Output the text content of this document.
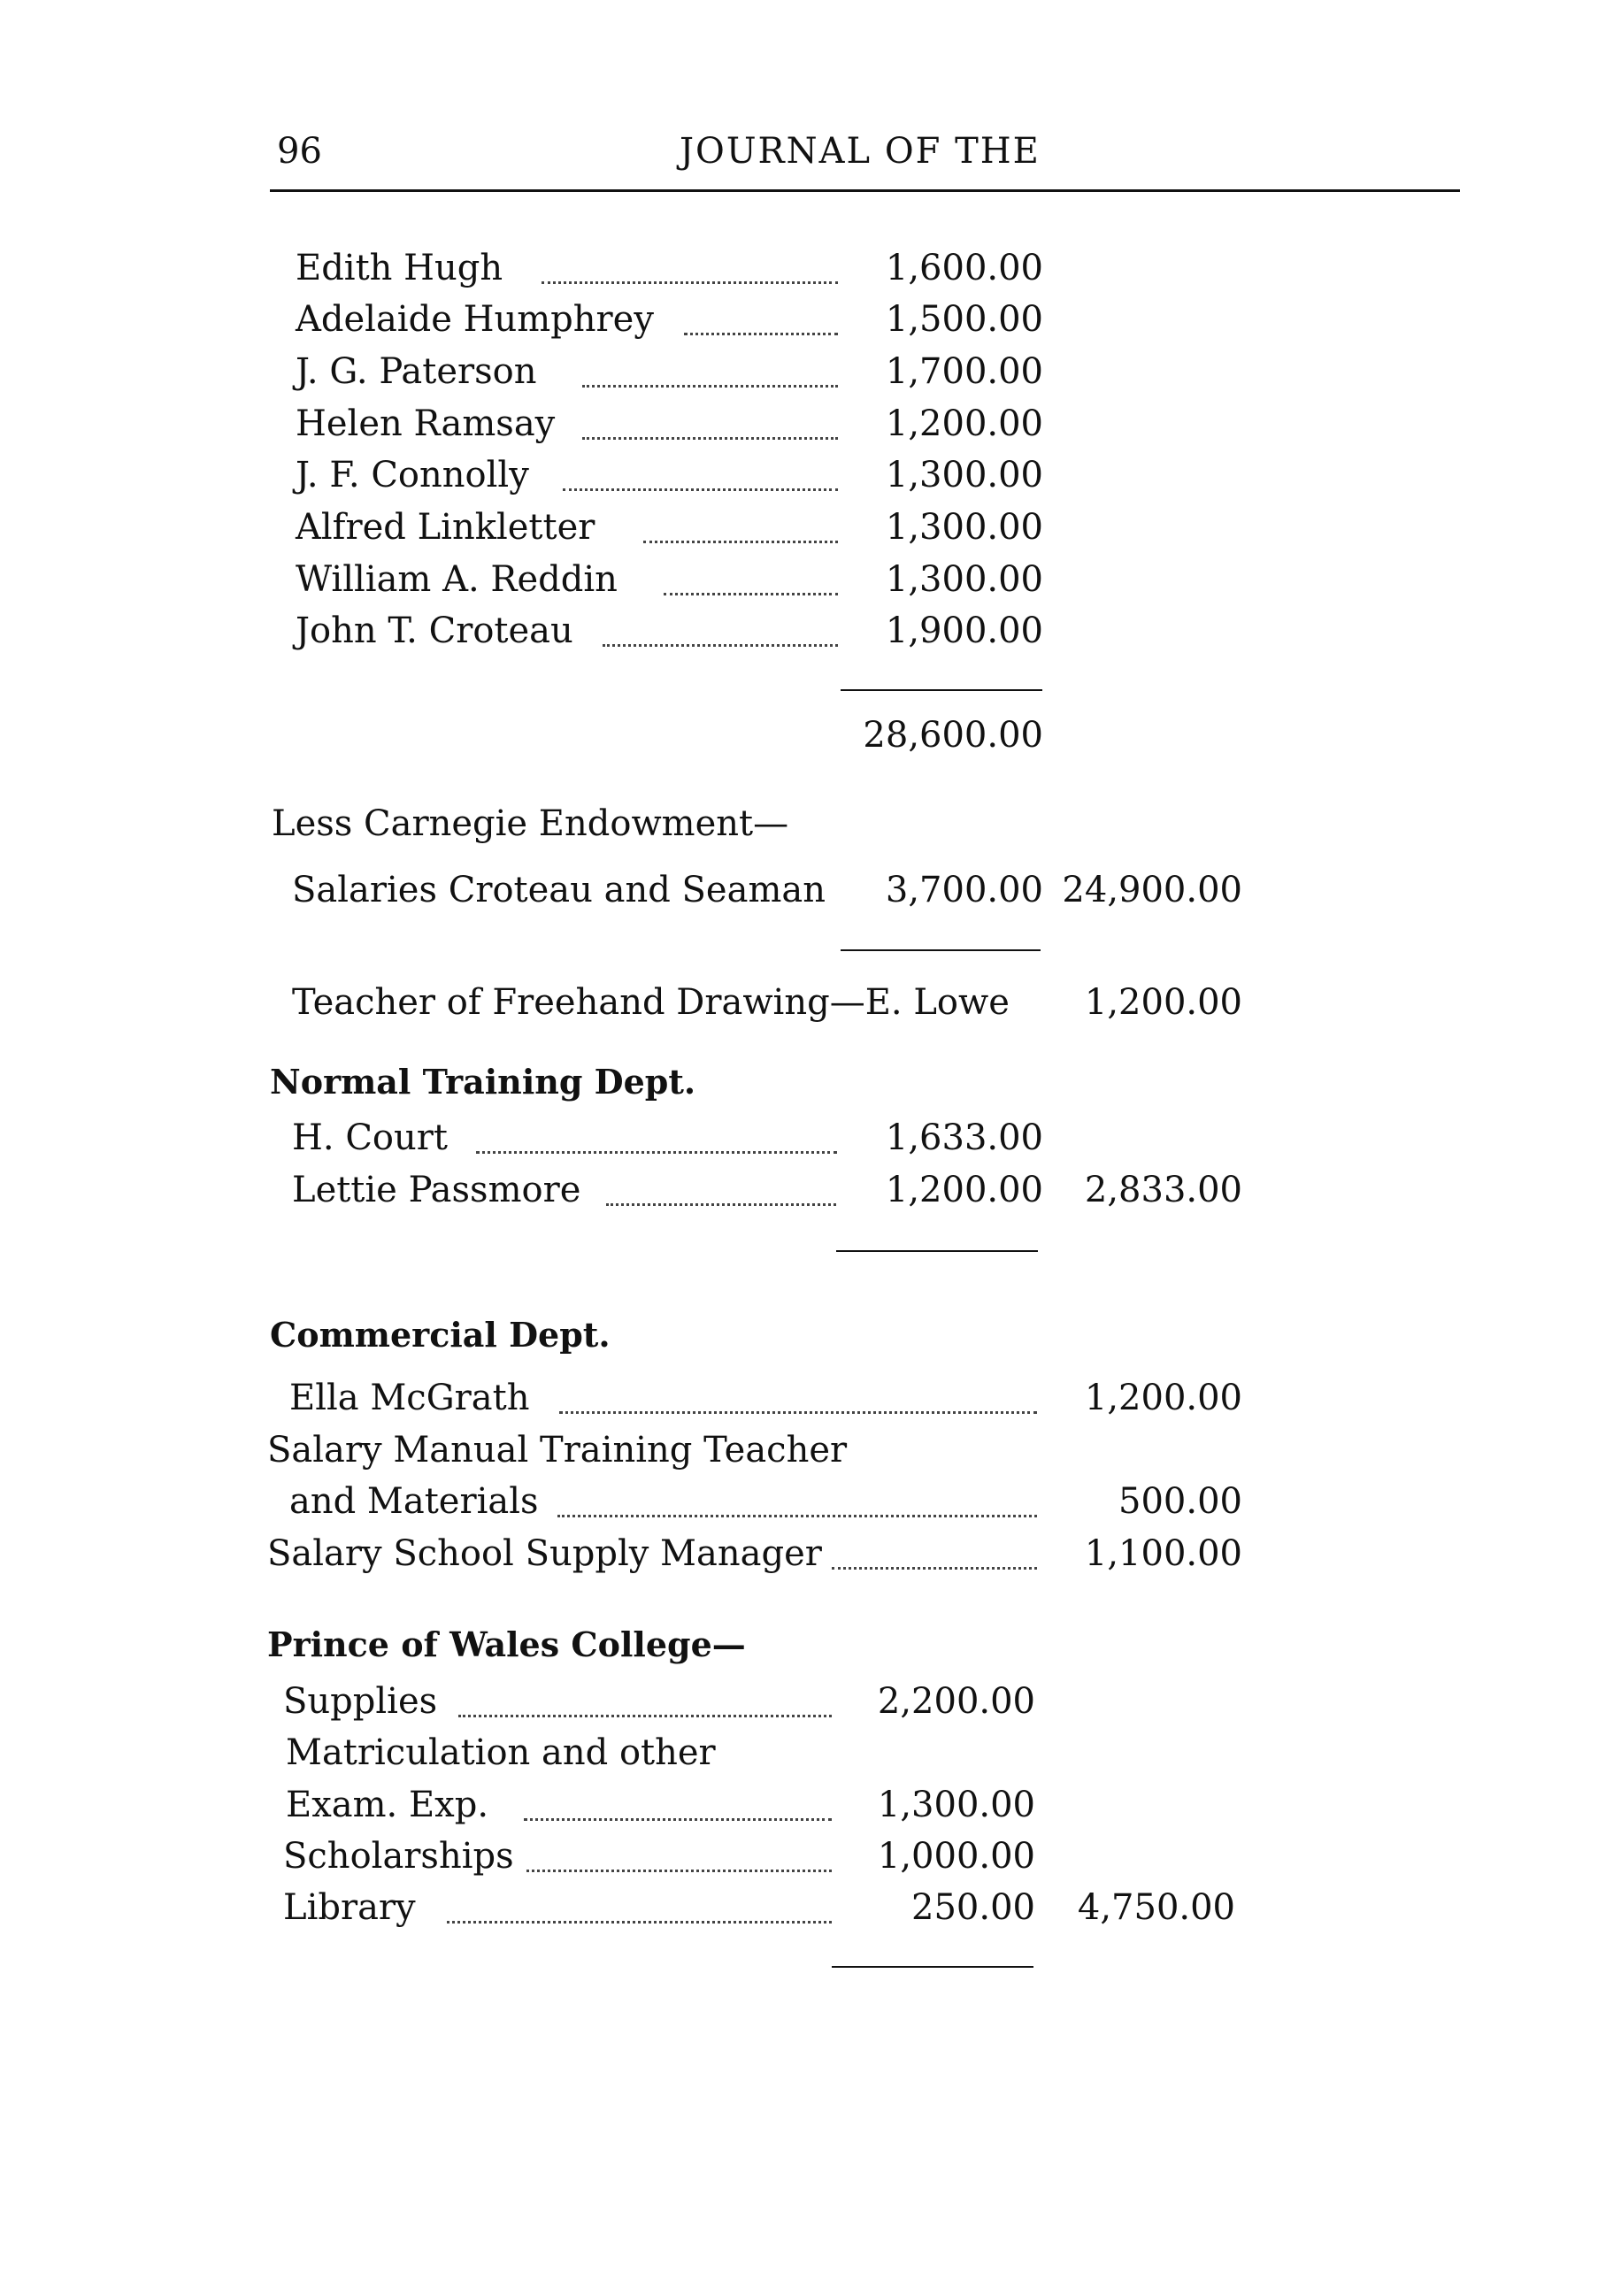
96	JOURNAL OF THE
Edith Hugh	1,600.00
Adelaide Humphrey	1,500.00
J. G. Paterson	1,700.00
Helen Ramsay	1,200.00
J. F. Connolly	1,300.00
Alfred Linkletter	1,300.00
William A. Reddin	1,300.00
John T. Croteau	1,900.00
28,600.00
Less Carnegie Endowment—
Salaries Croteau and Seaman 3,700.00 24,900.00
Teacher of Freehand Drawing—E. Lowe 1,200.00
Normal Training Dept.
H. Court	1,633.00
Lettie Passmore	1,200.00 2,833.00
Commercial Dept.
Ella McGrath	1,200.00
Salary Manual Training Teacher
and Materials	500.00
Salary School Supply Manager	1,100.00
Prince of Wales College—
Supplies	2,200.00
Matriculation and other
Exam. Exp.	1,300.00
Scholarships	1,000.00
Library	250.00 4,750.00
